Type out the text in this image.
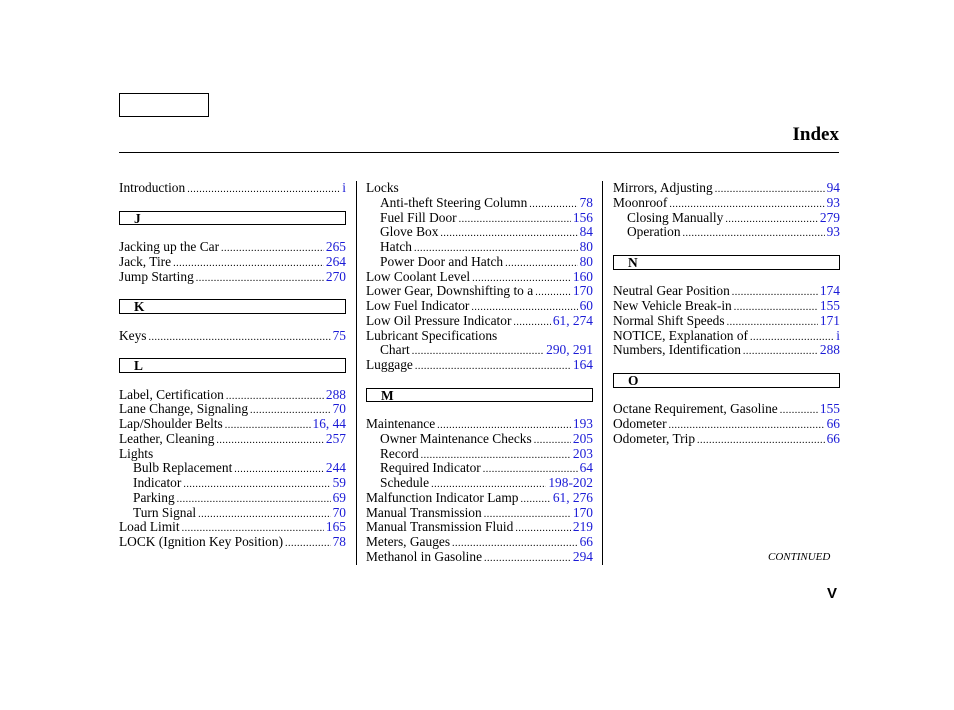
Index
Introduction .....	i
J
Jacking up the Car .....	265
Jack, Tire .....	264
Jump Starting .....	270
K
Keys .....	75
L
Label, Certification .....	288
Lane Change, Signaling .....	70
Lap/Shoulder Belts .....	16, 44
Leather, Cleaning .....	257
Lights
Bulb Replacement .....	244
Indicator .....	59
Parking .....	69
Turn Signal .....	70
Load Limit .....	165
LOCK (Ignition Key Position) .....	78
Locks
Anti-theft Steering Column .....	78
Fuel Fill Door .....	156
Glove Box .....	84
Hatch .....	80
Power Door and Hatch .....	80
Low Coolant Level .....	160
Lower Gear, Downshifting to a .....	170
Low Fuel Indicator .....	60
Low Oil Pressure Indicator .....	61, 274
Lubricant Specifications
Chart .....	290, 291
Luggage .....	164
M
Maintenance .....	193
Owner Maintenance Checks .....	205
Record .....	203
Required Indicator .....	64
Schedule .....	198-202
Malfunction Indicator Lamp .....	61, 276
Manual Transmission .....	170
Manual Transmission Fluid .....	219
Meters, Gauges .....	66
Methanol in Gasoline .....	294
Mirrors, Adjusting .....	94
Moonroof .....	93
Closing Manually .....	279
Operation .....	93
N
Neutral Gear Position .....	174
New Vehicle Break-in .....	155
Normal Shift Speeds .....	171
NOTICE, Explanation of .....	i
Numbers, Identification .....	288
O
Octane Requirement, Gasoline .....	155
Odometer .....	66
Odometer, Trip .....	66
CONTINUED
V
